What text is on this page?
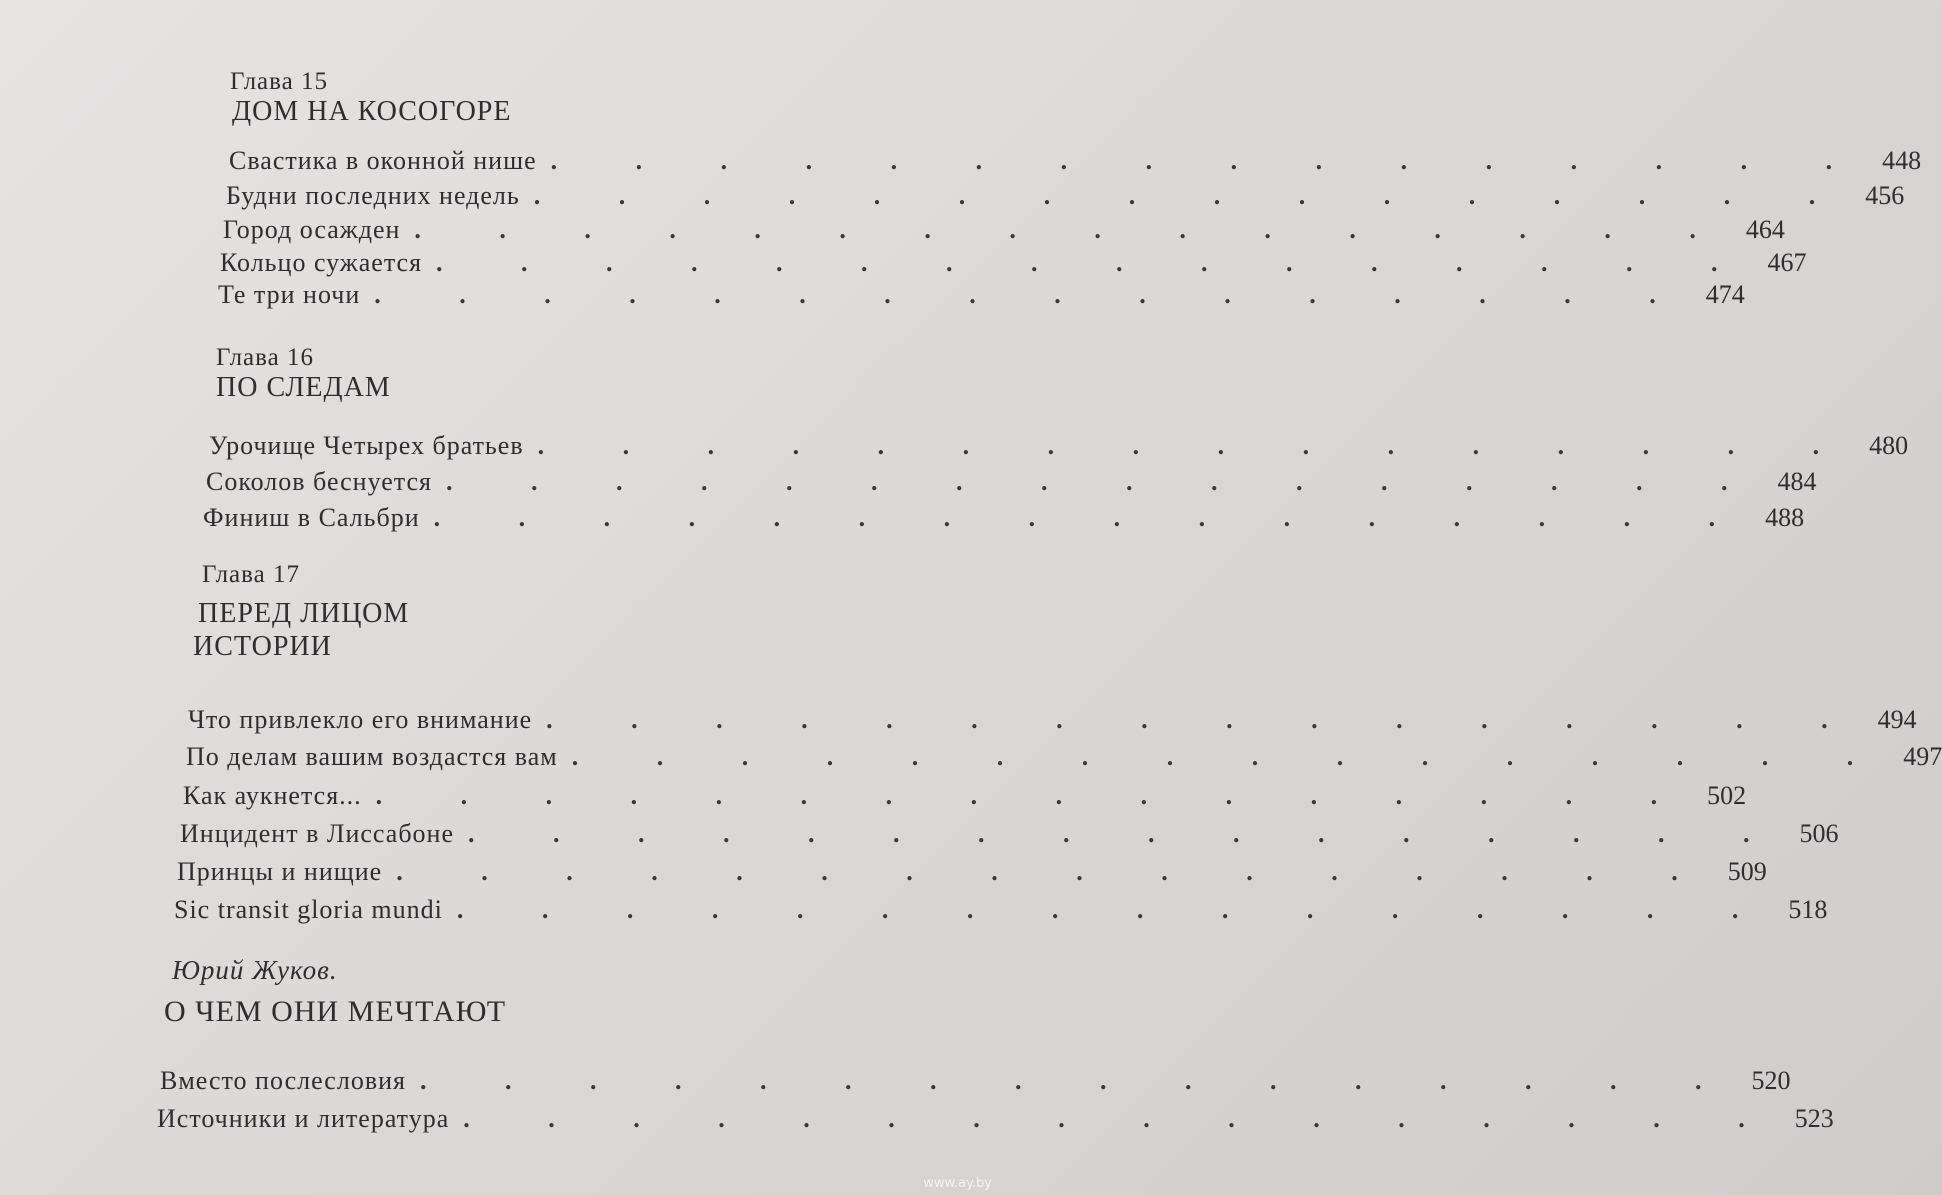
Глава 15
ДОМ НА КОСОГОРЕ
Свастика в оконной нише . . . . . . . . . . . . . . . . 448
Будни последних недель . . . . . . . . . . . . . . . . 456
Город осажден . . . . . . . . . . . . . . . . 464
Кольцо сужается . . . . . . . . . . . . . . . . 467
Те три ночи . . . . . . . . . . . . . . . . 474
Глава 16
ПО СЛЕДАМ
Урочище Четырех братьев . . . . . . . . . . . . . . . . 480
Соколов беснуется . . . . . . . . . . . . . . . . 484
Финиш в Сальбри . . . . . . . . . . . . . . . . 488
Глава 17
ПЕРЕД ЛИЦОМ
ИСТОРИИ
Что привлекло его внимание . . . . . . . . . . . . . . . . 494
По делам вашим воздастся вам . . . . . . . . . . . . . . . . 497
Как аукнется... . . . . . . . . . . . . . . . . 502
Инцидент в Лиссабоне . . . . . . . . . . . . . . . . 506
Принцы и нищие . . . . . . . . . . . . . . . . 509
Sic transit gloria mundi . . . . . . . . . . . . . . . . 518
Юрий Жуков.
О ЧЕМ ОНИ МЕЧТАЮТ
Вместо послесловия . . . . . . . . . . . . . . . . 520
Источники и литература . . . . . . . . . . . . . . . . 523
www.ay.by
